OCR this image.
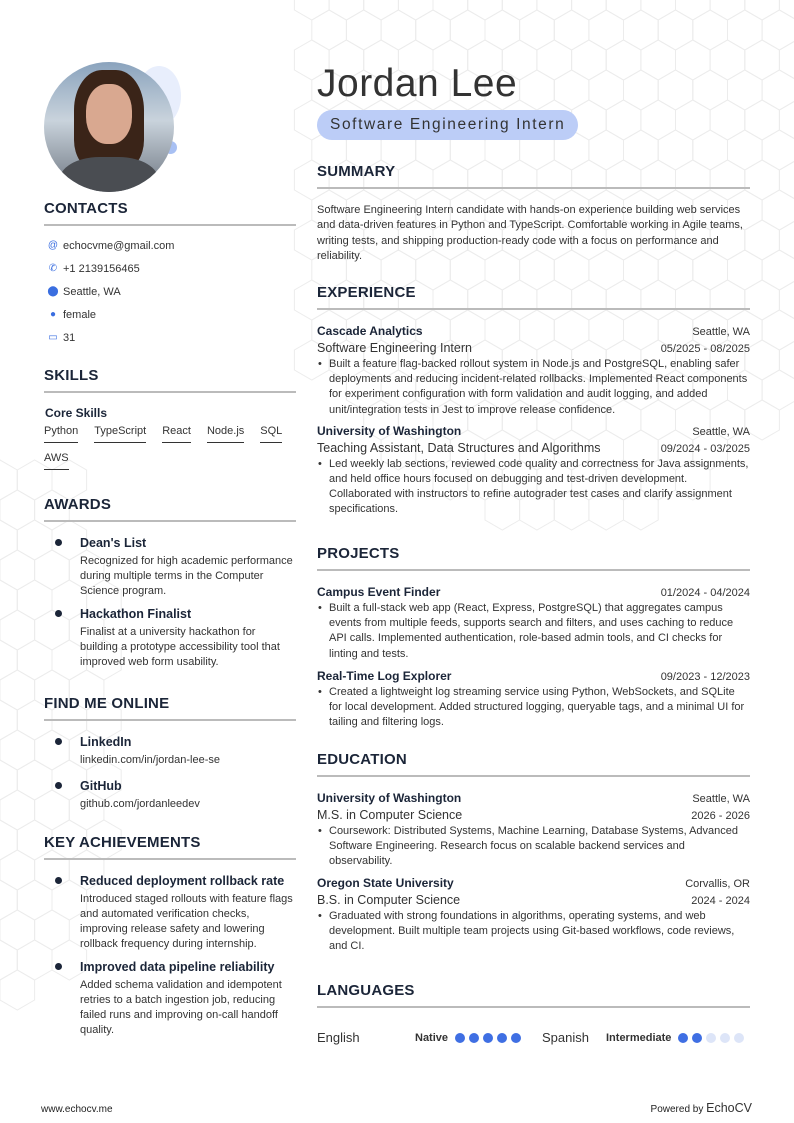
CONTACTS
@ echocvme@gmail.com
✆ +1 2139156465
⬤ Seattle, WA
● female
▭ 31
SKILLS
Core Skills
Python TypeScript React Node.js SQL
AWS
AWARDS
Dean's List
Recognized for high academic performance during multiple terms in the Computer Science program.
Hackathon Finalist
Finalist at a university hackathon for building a prototype accessibility tool that improved web form usability.
FIND ME ONLINE
LinkedIn
linkedin.com/in/jordan-lee-se
GitHub
github.com/jordanleedev
KEY ACHIEVEMENTS
Reduced deployment rollback rate
Introduced staged rollouts with feature flags and automated verification checks, improving release safety and lowering rollback frequency during internship.
Improved data pipeline reliability
Added schema validation and idempotent retries to a batch ingestion job, reducing failed runs and improving on-call handoff quality.
www.echocv.me	Powered by EchoCV
Jordan Lee
Software Engineering Intern
SUMMARY
Software Engineering Intern candidate with hands-on experience building web services and data-driven features in Python and TypeScript. Comfortable working in Agile teams, writing tests, and shipping production-ready code with a focus on performance and reliability.
EXPERIENCE
Cascade Analytics	Seattle, WA
Software Engineering Intern	05/2025 - 08/2025
• Built a feature flag-backed rollout system in Node.js and PostgreSQL, enabling safer deployments and reducing incident-related rollbacks. Implemented React components for experiment configuration with form validation and audit logging, and added unit/integration tests in Jest to improve release confidence.
University of Washington	Seattle, WA
Teaching Assistant, Data Structures and Algorithms	09/2024 - 03/2025
• Led weekly lab sections, reviewed code quality and correctness for Java assignments, and held office hours focused on debugging and test-driven development. Collaborated with instructors to refine autograder test cases and clarify assignment specifications.
PROJECTS
Campus Event Finder	01/2024 - 04/2024
• Built a full-stack web app (React, Express, PostgreSQL) that aggregates campus events from multiple feeds, supports search and filters, and uses caching to reduce API calls. Implemented authentication, role-based admin tools, and CI checks for linting and tests.
Real-Time Log Explorer	09/2023 - 12/2023
• Created a lightweight log streaming service using Python, WebSockets, and SQLite for local development. Added structured logging, queryable tags, and a minimal UI for tailing and filtering logs.
EDUCATION
University of Washington	Seattle, WA
M.S. in Computer Science	2026 - 2026
• Coursework: Distributed Systems, Machine Learning, Database Systems, Advanced Software Engineering. Research focus on scalable backend services and observability.
Oregon State University	Corvallis, OR
B.S. in Computer Science	2024 - 2024
• Graduated with strong foundations in algorithms, operating systems, and web development. Built multiple team projects using Git-based workflows, code reviews, and CI.
LANGUAGES
English	Native	Spanish	Intermediate
